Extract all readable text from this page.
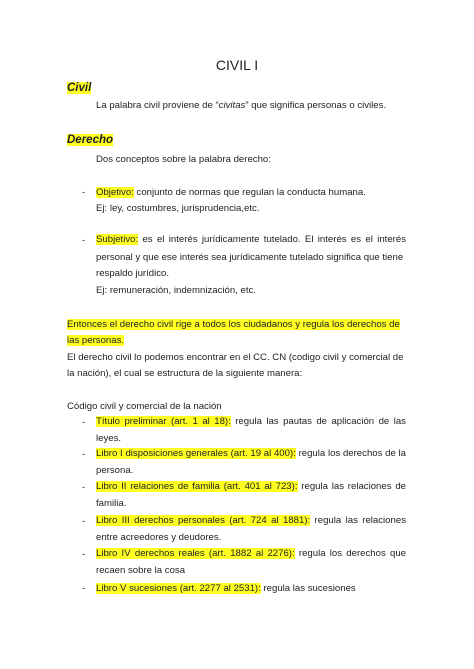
CIVIL I
Civil
La palabra civil proviene de “civitas” que significa personas o civiles.
Derecho
Dos conceptos sobre la palabra derecho:
- Objetivo: conjunto de normas que regulan la conducta humana.
Ej: ley, costumbres, jurisprudencia,etc.
- Subjetivo: es el interés jurídicamente tutelado. El interés es el interés
personal y que ese interés sea jurídicamente tutelado significa que tiene
respaldo jurídico.
Ej: remuneración, indemnización, etc.
Entonces el derecho civil rige a todos los ciudadanos y regula los derechos de
las personas.
El derecho civil lo podemos encontrar en el CC. CN (codigo civil y comercial de
la nación), el cual se estructura de la siguiente manera:
Código civil y comercial de la nación
- Título preliminar (art. 1 al 18): regula las pautas de aplicación de las
leyes.
- Libro I disposiciones generales (art. 19 al 400): regula los derechos de la
persona.
- Libro II relaciones de familia (art. 401 al 723): regula las relaciones de
familia.
- Libro III derechos personales (art. 724 al 1881): regula las relaciones
entre acreedores y deudores.
- Libro IV derechos reales (art. 1882 al 2276): regula los derechos que
recaen sobre la cosa
- Libro V sucesiones (art. 2277 al 2531): regula las sucesiones
